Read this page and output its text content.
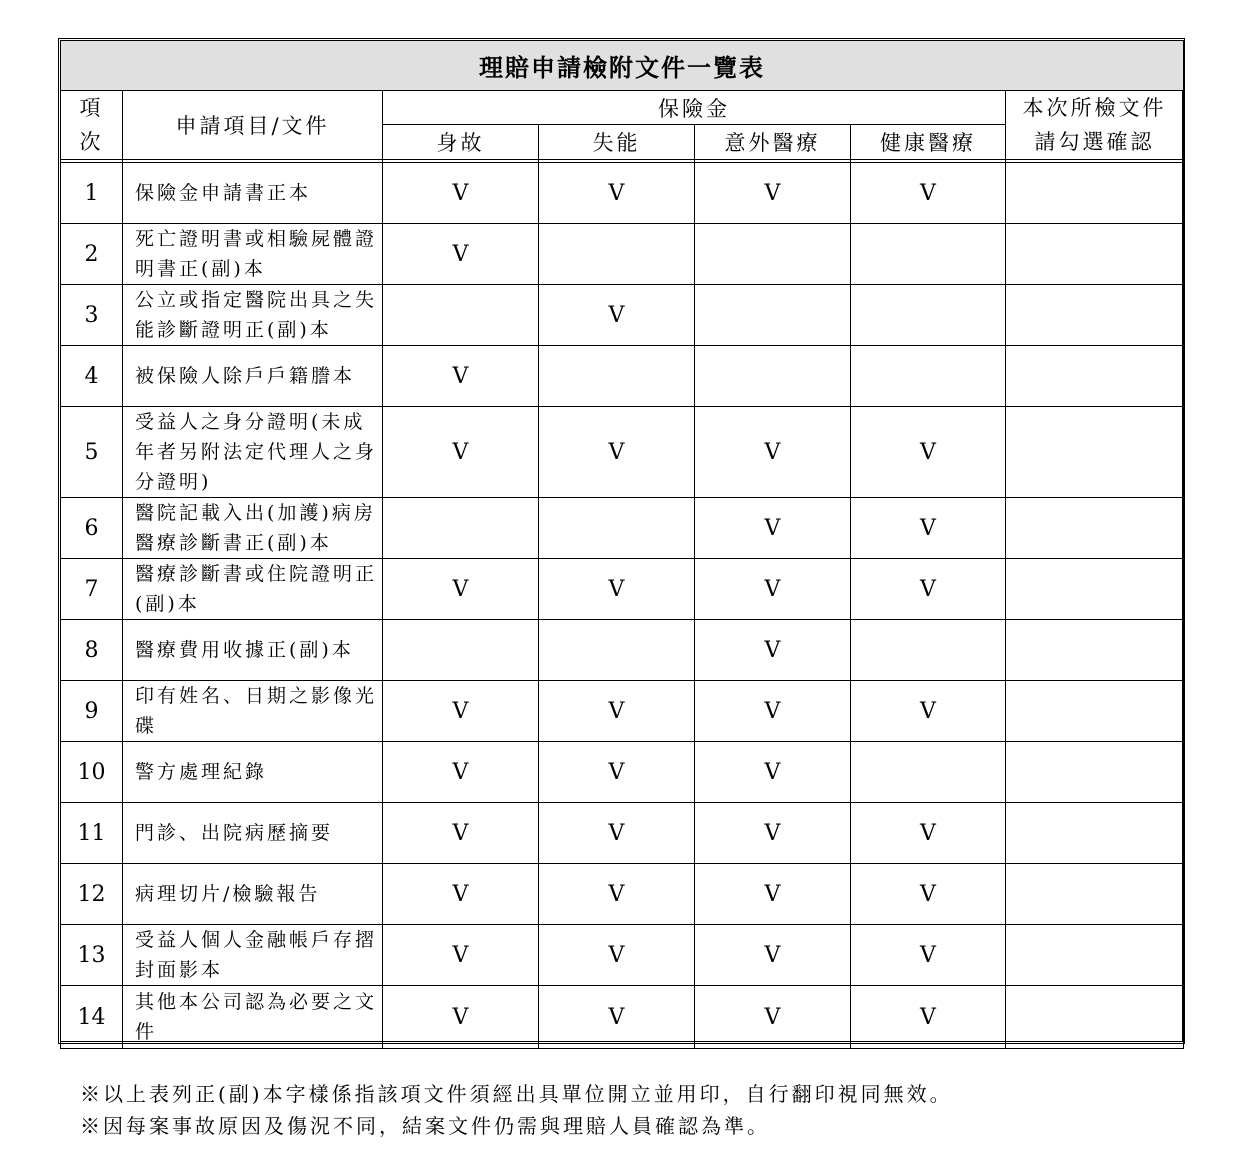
理賠申請檢附文件一覽表						
項
次	申請項目/文件	保險金				本次所檢文件
請勾選確認
		身故	失能	意外醫療	健康醫療	

1	保險金申請書正本	V	V	V	V	
2	死亡證明書或相驗屍體證明書正(副)本	V				
3	公立或指定醫院出具之失能診斷證明正(副)本		V			
4	被保險人除戶戶籍謄本	V				
5	受益人之身分證明(未成年者另附法定代理人之身分證明)	V	V	V	V	
6	醫院記載入出(加護)病房醫療診斷書正(副)本			V	V	
7	醫療診斷書或住院證明正(副)本	V	V	V	V	
8	醫療費用收據正(副)本			V		
9	印有姓名、日期之影像光碟	V	V	V	V	
10	警方處理紀錄	V	V	V		
11	門診、出院病歷摘要	V	V	V	V	
12	病理切片/檢驗報告	V	V	V	V	
13	受益人個人金融帳戶存摺封面影本	V	V	V	V	
14	其他本公司認為必要之文件	V	V	V	V	
※以上表列正(副)本字樣係指該項文件須經出具單位開立並用印，自行翻印視同無效。
※因每案事故原因及傷況不同，結案文件仍需與理賠人員確認為準。
